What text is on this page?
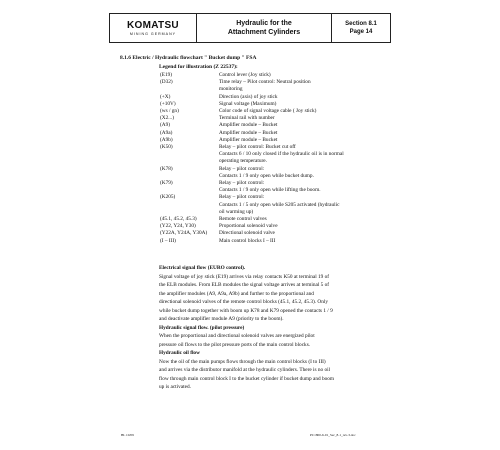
KOMATSU
MINING GERMANY
Hydraulic for the
Attachment Cylinders
Section 8.1
Page 14
8.1.6 Electric / Hydraulic flowchart " Bucket dump " FSA
Legend for illustration (Z 22537):
(E19)	Control lever (Joy stick)
(D32)	Time relay – Pilot control: Neutral position
monitoring
(+X)	Direction (axis) of joy stick
(+10V)	Signal voltage (Maximum)
(ws / gn)	Color code of signal voltage cable ( Joy stick)
(X2...)	Terminal rail with number
(A9)	Amplifier module – Bucket
(A9a)	Amplifier module – Bucket
(A9b)	Amplifier module – Bucket
(K50)	Relay – pilot control: Bucket cut off
Contacts 6 / 10 only closed if the hydraulic oil is in normal
operating temperature.
(K78)	Relay – pilot control:
Contacts 1 / 9 only open while bucket dump.
(K79)	Relay – pilot control:
Contacts 1 / 9 only open while lifting the boom.
(K205)	Relay – pilot control:
Contacts 1 / 5 only open while S205 activated (hydraulic
oil warming up)
(45.1, 45.2, 45.3)	Remote control valves
(Y22, Y24, Y30)	Proportional solenoid valve
(Y22A, Y24A, Y30A)	Directional solenoid valve
(I – III)	Main control blocks I – III
Electrical signal flow (EURO control).
Signal voltage of joy stick (E19) arrives via relay contacts K50 at terminal 19 of
the ELB modules. From ELB modules the signal voltage arrives at terminal 5 of
the amplifier modules (A9, A9a, A9b) and further to the proportional and
directional solenoid valves of the remote control blocks (45.1, 45.2, 45.3). Only
while bucket dump together with boom up K78 and K79 opened the contacts 1 / 9
and deactivate amplifier module A9 (priority to the boom).
Hydraulic signal flow. (pilot pressure)
When the proportional and directional solenoid valves are energized pilot
pressure oil flows to the pilot pressure ports of the main control blocks.
Hydraulic oil flow
Now the oil of the main pumps flows through the main control blocks (I to III)
and arrives via the distributor manifold at the hydraulic cylinders. There is no oil
flow through main control block I to the bucket cylinder if bucket dump and boom
up is activated.
BL 10/09	PC1800-6-01_Sec_8-1_rev-3.doc
